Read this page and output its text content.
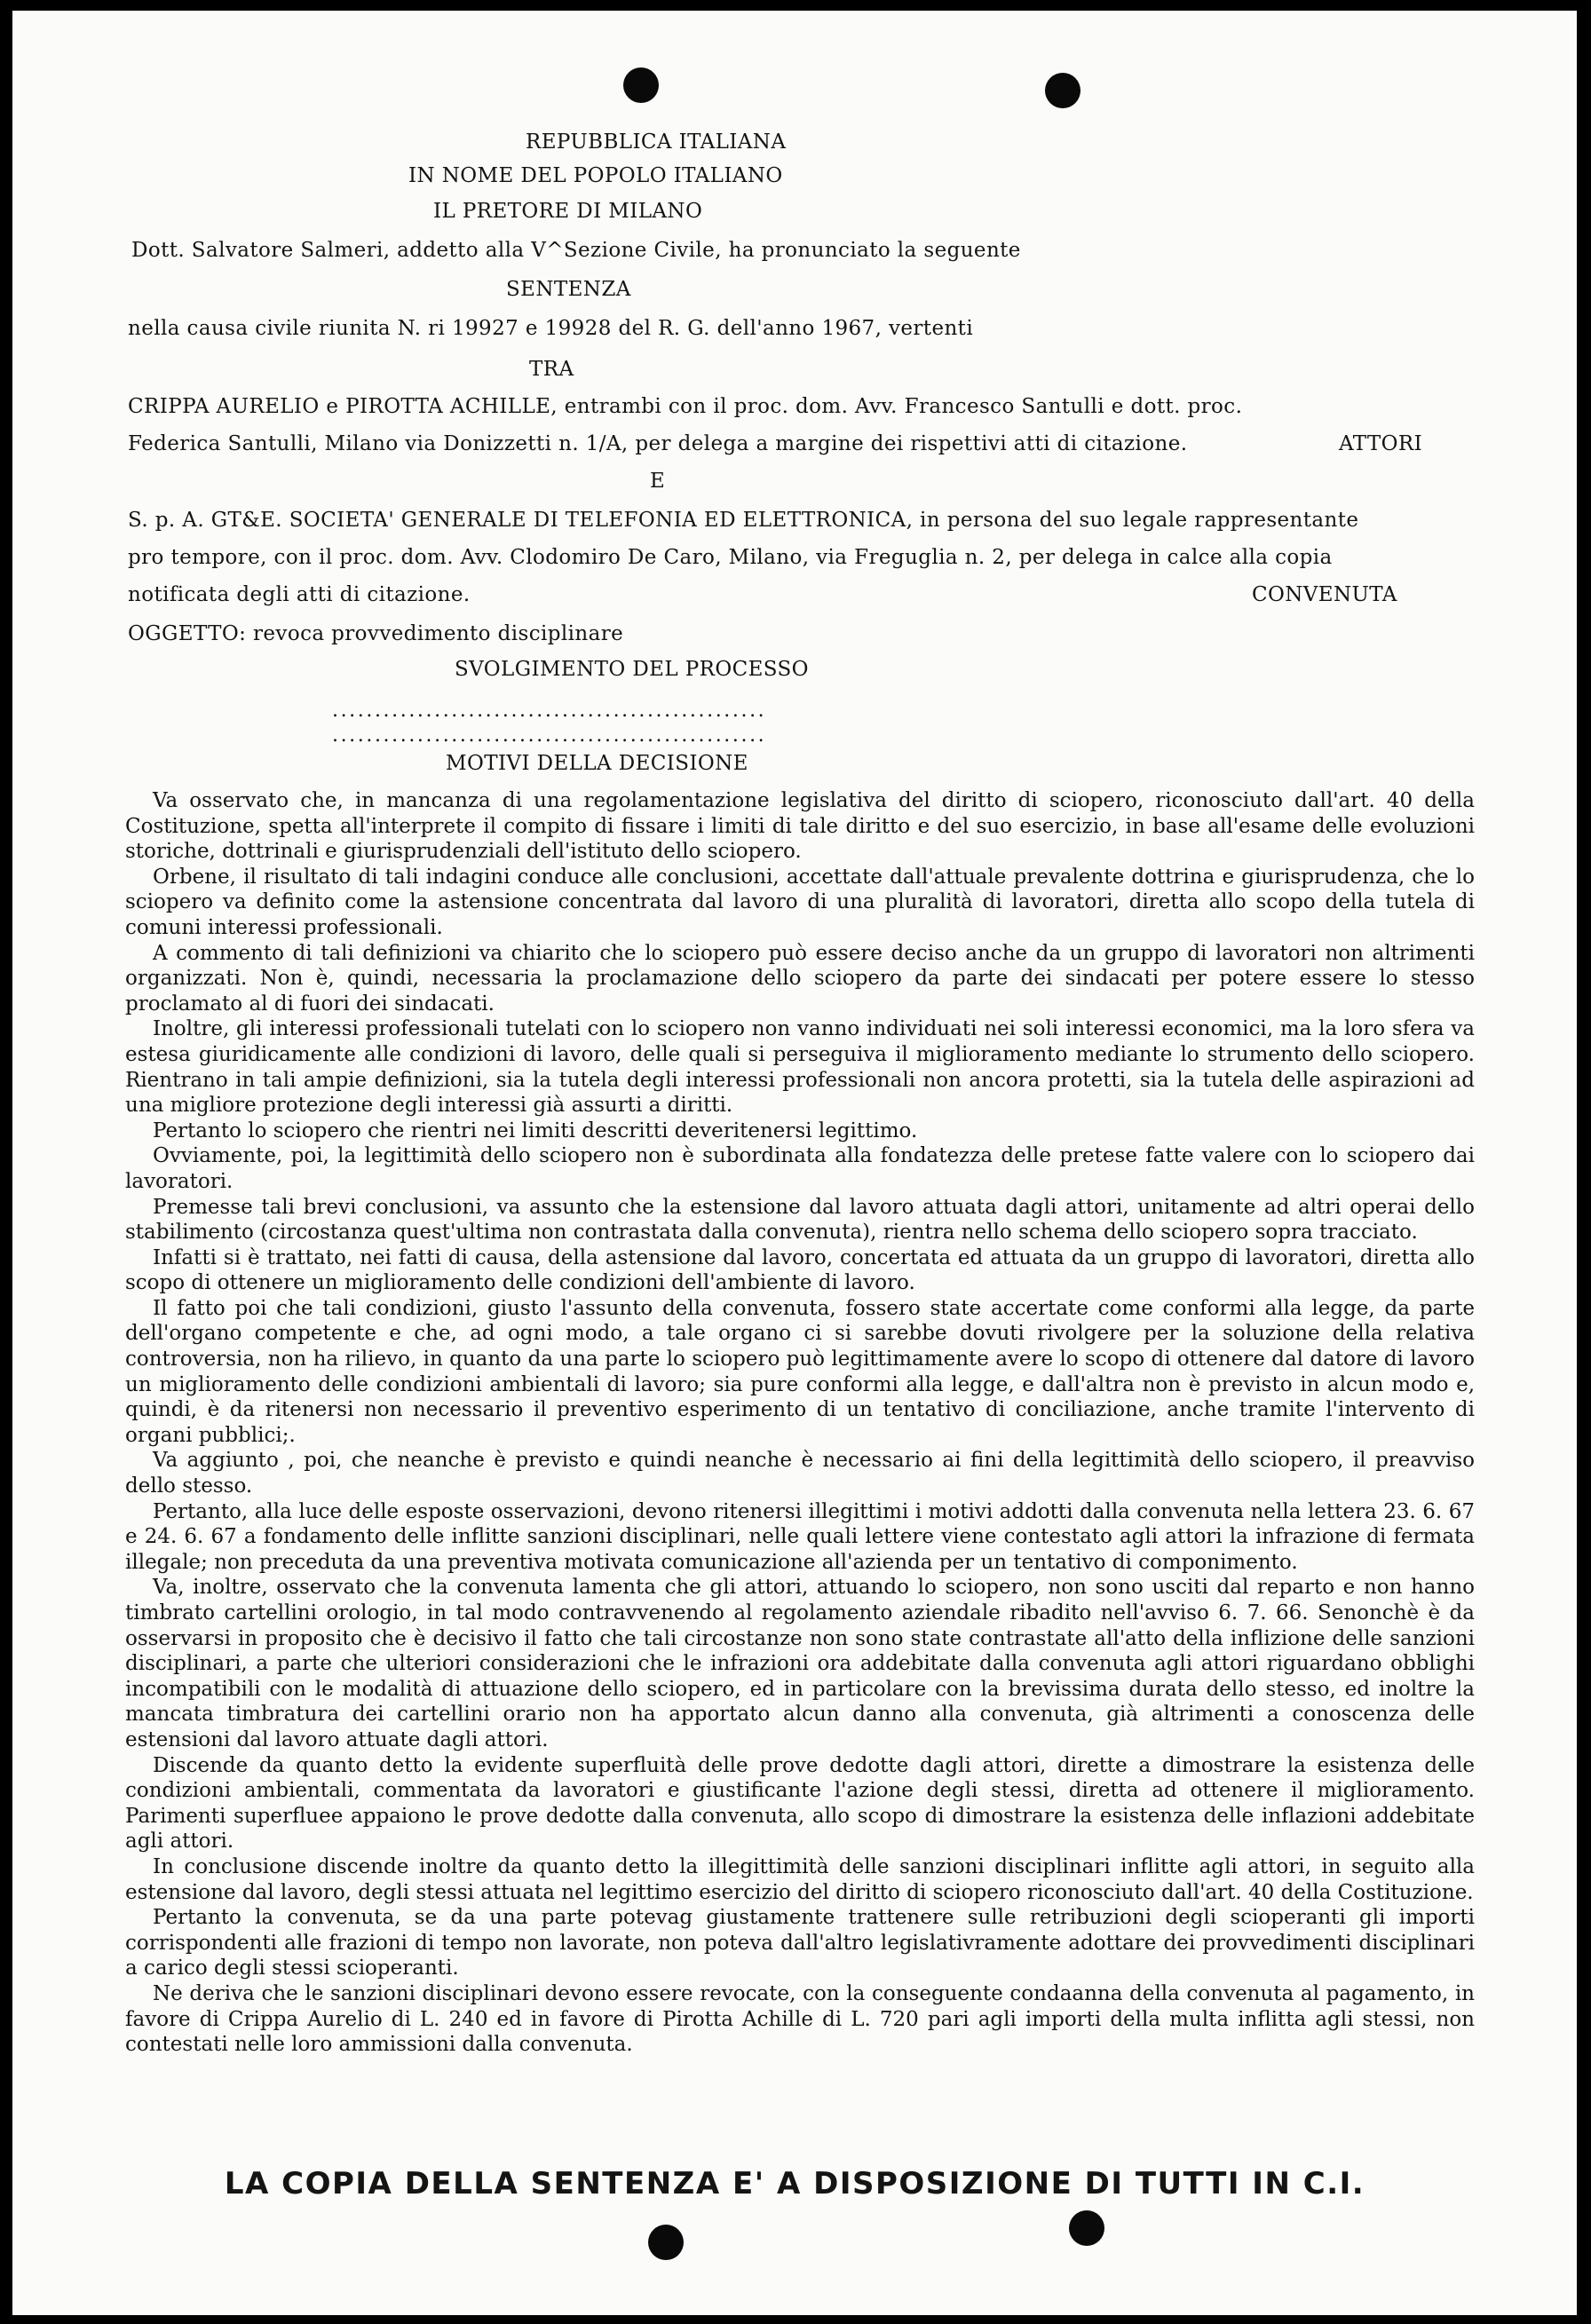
REPUBBLICA ITALIANA
IN NOME DEL POPOLO ITALIANO
IL PRETORE DI MILANO
Dott. Salvatore Salmeri, addetto alla V^Sezione Civile, ha pronunciato la seguente
SENTENZA
nella causa civile riunita N. ri 19927 e 19928 del R. G. dell'anno 1967, vertenti
TRA
CRIPPA AURELIO e PIROTTA ACHILLE, entrambi con il proc. dom. Avv. Francesco Santulli e dott. proc.
Federica Santulli, Milano via Donizzetti n. 1/A, per delega a margine dei rispettivi atti di citazione.	ATTORI
E
S. p. A. GT&E. SOCIETA' GENERALE DI TELEFONIA ED ELETTRONICA, in persona del suo legale rappresentante
pro tempore, con il proc. dom. Avv. Clodomiro De Caro, Milano, via Freguglia n. 2, per delega in calce alla copia
notificata degli atti di citazione.	CONVENUTA
OGGETTO: revoca provvedimento disciplinare
SVOLGIMENTO DEL PROCESSO
...................................................
...................................................
MOTIVI DELLA DECISIONE

Va osservato che, in mancanza di una regolamentazione legislativa del diritto di sciopero, riconosciuto dall'art. 40 della Costituzione, spetta all'interprete il compito di fissare i limiti di tale diritto e del suo esercizio, in base all'esame delle evoluzioni storiche, dottrinali e giurisprudenziali dell'istituto dello sciopero.

Orbene, il risultato di tali indagini conduce alle conclusioni, accettate dall'attuale prevalente dottrina e giurisprudenza, che lo sciopero va definito come la astensione concentrata dal lavoro di una pluralità di lavoratori, diretta allo scopo della tutela di comuni interessi professionali.

A commento di tali definizioni va chiarito che lo sciopero può essere deciso anche da un gruppo di lavoratori non altrimenti organizzati. Non è, quindi, necessaria la proclamazione dello sciopero da parte dei sindacati per potere essere lo stesso proclamato al di fuori dei sindacati.

Inoltre, gli interessi professionali tutelati con lo sciopero non vanno individuati nei soli interessi economici, ma la loro sfera va estesa giuridicamente alle condizioni di lavoro, delle quali si perseguiva il miglioramento mediante lo strumento dello sciopero. Rientrano in tali ampie definizioni, sia la tutela degli interessi professionali non ancora protetti, sia la tutela delle aspirazioni ad una migliore protezione degli interessi già assurti a diritti.

Pertanto lo sciopero che rientri nei limiti descritti deveritenersi legittimo.

Ovviamente, poi, la legittimità dello sciopero non è subordinata alla fondatezza delle pretese fatte valere con lo sciopero dai lavoratori.

Premesse tali brevi conclusioni, va assunto che la estensione dal lavoro attuata dagli attori, unitamente ad altri operai dello stabilimento (circostanza quest'ultima non contrastata dalla convenuta), rientra nello schema dello sciopero sopra tracciato.

Infatti si è trattato, nei fatti di causa, della astensione dal lavoro, concertata ed attuata da un gruppo di lavoratori, diretta allo scopo di ottenere un miglioramento delle condizioni dell'ambiente di lavoro.

Il fatto poi che tali condizioni, giusto l'assunto della convenuta, fossero state accertate come conformi alla legge, da parte dell'organo competente e che, ad ogni modo, a tale organo ci si sarebbe dovuti rivolgere per la soluzione della relativa controversia, non ha rilievo, in quanto da una parte lo sciopero può legittimamente avere lo scopo di ottenere dal datore di lavoro un miglioramento delle condizioni ambientali di lavoro; sia pure conformi alla legge, e dall'altra non è previsto in alcun modo e, quindi, è da ritenersi non necessario il preventivo esperimento di un tentativo di conciliazione, anche tramite l'intervento di organi pubblici;.

Va aggiunto , poi, che neanche è previsto e quindi neanche è necessario ai fini della legittimità dello sciopero, il preavviso dello stesso.

Pertanto, alla luce delle esposte osservazioni, devono ritenersi illegittimi i motivi addotti dalla convenuta nella lettera 23. 6. 67 e 24. 6. 67 a fondamento delle inflitte sanzioni disciplinari, nelle quali lettere viene contestato agli attori la infrazione di fermata illegale; non preceduta da una preventiva motivata comunicazione all'azienda per un tentativo di componimento.

Va, inoltre, osservato che la convenuta lamenta che gli attori, attuando lo sciopero, non sono usciti dal reparto e non hanno timbrato cartellini orologio, in tal modo contravvenendo al regolamento aziendale ribadito nell'avviso 6. 7. 66. Senonchè è da osservarsi in proposito che è decisivo il fatto che tali circostanze non sono state contrastate all'atto della inflizione delle sanzioni disciplinari, a parte che ulteriori considerazioni che le infrazioni ora addebitate dalla convenuta agli attori riguardano obblighi incompatibili con le modalità di attuazione dello sciopero, ed in particolare con la brevissima durata dello stesso, ed inoltre la mancata timbratura dei cartellini orario non ha apportato alcun danno alla convenuta, già altrimenti a conoscenza delle estensioni dal lavoro attuate dagli attori.

Discende da quanto detto la evidente superfluità delle prove dedotte dagli attori, dirette a dimostrare la esistenza delle condizioni ambientali, commentata da lavoratori e giustificante l'azione degli stessi, diretta ad ottenere il miglioramento. Parimenti superfluee appaiono le prove dedotte dalla convenuta, allo scopo di dimostrare la esistenza delle inflazioni addebitate agli attori.

In conclusione discende inoltre da quanto detto la illegittimità delle sanzioni disciplinari inflitte agli attori, in seguito alla estensione dal lavoro, degli stessi attuata nel legittimo esercizio del diritto di sciopero riconosciuto dall'art. 40 della Costituzione.

Pertanto la convenuta, se da una parte potevag giustamente trattenere sulle retribuzioni degli scioperanti gli importi corrispondenti alle frazioni di tempo non lavorate, non poteva dall'altro legislativramente adottare dei provvedimenti disciplinari a carico degli stessi scioperanti.

Ne deriva che le sanzioni disciplinari devono essere revocate, con la conseguente condaanna della convenuta al pagamento, in favore di Crippa Aurelio di L. 240 ed in favore di Pirotta Achille di L. 720 pari agli importi della multa inflitta agli stessi, non contestati nelle loro ammissioni dalla convenuta.

LA COPIA DELLA SENTENZA E' A DISPOSIZIONE DI TUTTI IN C.I.
